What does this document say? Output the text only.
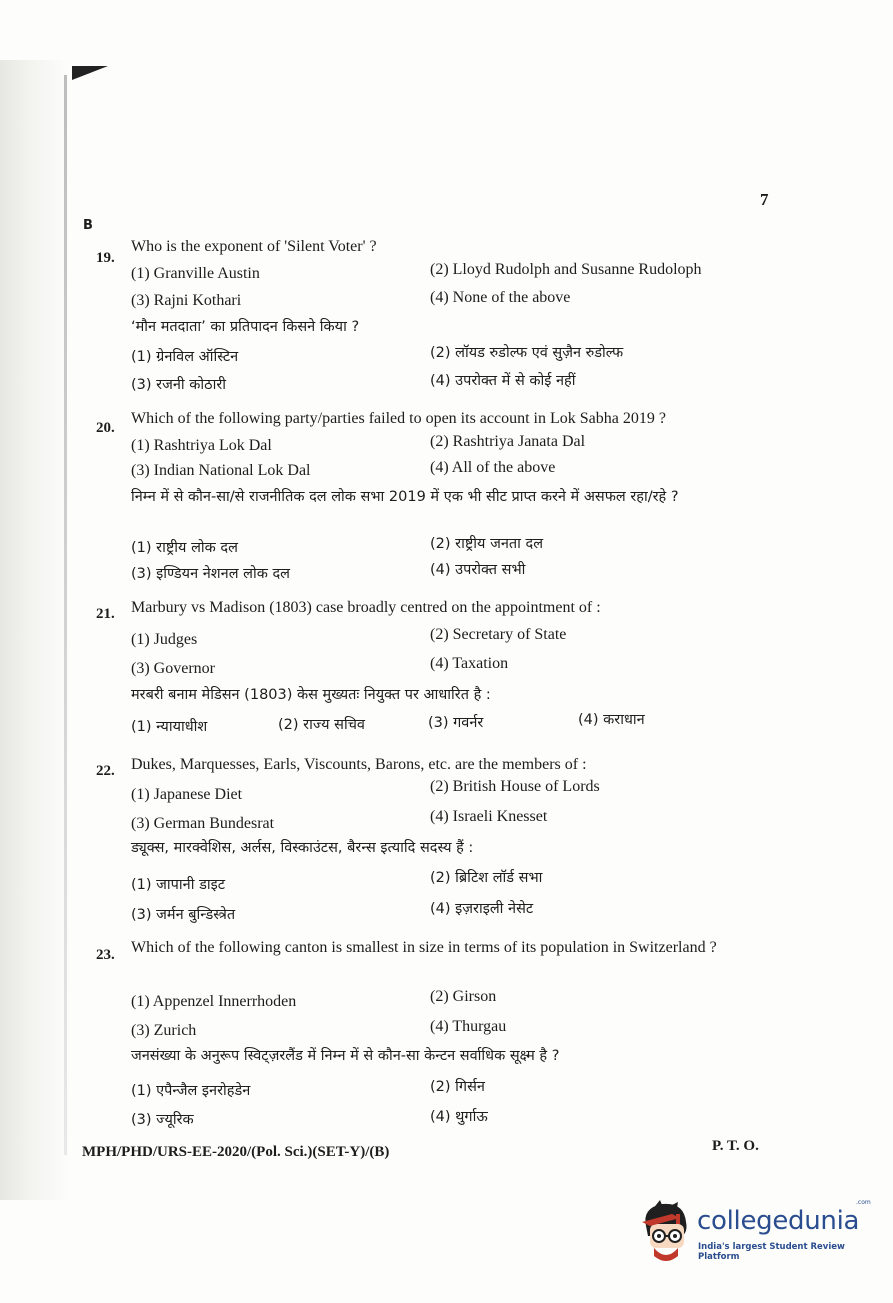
7
B
19.
Who is the exponent of 'Silent Voter' ?
(1) Granville Austin	(2) Lloyd Rudolph and Susanne Rudoloph
(3) Rajni Kothari	(4) None of the above
‘मौन मतदाता’ का प्रतिपादन किसने किया ?
(1) ग्रेनविल ऑस्टिन	(2) लॉयड रुडोल्फ एवं सुज़ैन रुडोल्फ
(3) रजनी कोठारी	(4) उपरोक्त में से कोई नहीं
20.
Which of the following party/parties failed to open its account in Lok Sabha 2019 ?
(1) Rashtriya Lok Dal	(2) Rashtriya Janata Dal
(3) Indian National Lok Dal	(4) All of the above
निम्न में से कौन-सा/से राजनीतिक दल लोक सभा 2019 में एक भी सीट प्राप्त करने में असफल रहा/रहे ?
(1) राष्ट्रीय लोक दल	(2) राष्ट्रीय जनता दल
(3) इण्डियन नेशनल लोक दल	(4) उपरोक्त सभी
21. Marbury vs Madison (1803) case broadly centred on the appointment of :
(1) Judges	(2) Secretary of State
(3) Governor	(4) Taxation
मरबरी बनाम मेडिसन (1803) केस मुख्यतः नियुक्त पर आधारित है :
(1) न्यायाधीश	(2) राज्य सचिव	(3) गवर्नर	(4) कराधान
22. Dukes, Marquesses, Earls, Viscounts, Barons, etc. are the members of :
(1) Japanese Diet	(2) British House of Lords
(3) German Bundesrat	(4) Israeli Knesset
ड्यूक्स, मारक्वेशिस, अर्लस, विस्काउंटस, बैरन्स इत्यादि सदस्य हैं :
(1) जापानी डाइट	(2) ब्रिटिश लॉर्ड सभा
(3) जर्मन बुन्डिस्त्रेत	(4) इज़राइली नेसेट
23. Which of the following canton is smallest in size in terms of its population in Switzerland ?
(1) Appenzel Innerrhoden	(2) Girson
(3) Zurich	(4) Thurgau
जनसंख्या के अनुरूप स्विट्ज़रलैंड में निम्न में से कौन-सा केन्टन सर्वाधिक सूक्ष्म है ?
(1) एपैन्जैल इनरोहडेन	(2) गिर्सन
(3) ज्यूरिक	(4) थुर्गाऊ
MPH/PHD/URS-EE-2020/(Pol. Sci.)(SET-Y)/(B)	P. T. O.
collegedunia
.com
India's largest Student Review Platform
